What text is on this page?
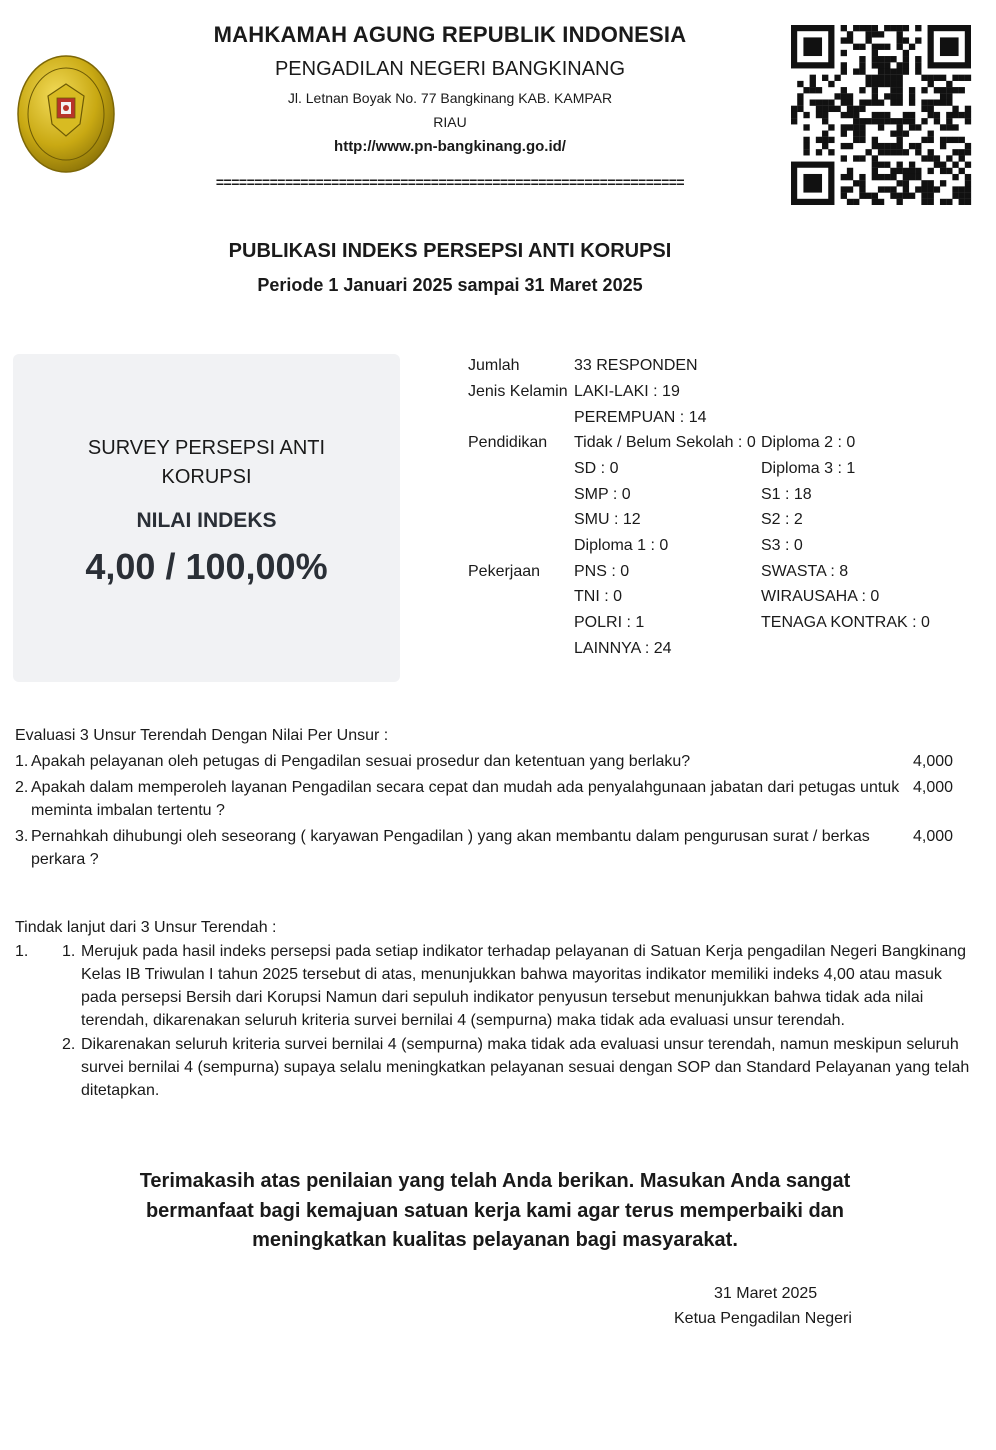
MAHKAMAH AGUNG REPUBLIK INDONESIA
PENGADILAN NEGERI BANGKINANG
Jl. Letnan Boyak No. 77 Bangkinang KAB. KAMPAR
RIAU
http://www.pn-bangkinang.go.id/
=============================================================
PUBLIKASI INDEKS PERSEPSI ANTI KORUPSI
Periode 1 Januari 2025 sampai 31 Maret 2025
SURVEY PERSEPSI ANTI KORUPSI
NILAI INDEKS
4,00 / 100,00%
Jumlah	33 RESPONDEN
Jenis Kelamin LAKI-LAKI : 19
PEREMPUAN : 14
Pendidikan Tidak / Belum Sekolah : 0
SD : 0
SMP : 0
SMU : 12
Diploma 1 : 0
Diploma 2 : 0
Diploma 3 : 1
S1 : 18
S2 : 2
S3 : 0
Pekerjaan PNS : 0
TNI : 0
POLRI : 1
LAINNYA : 24
SWASTA : 8
WIRAUSAHA : 0
TENAGA KONTRAK : 0
Evaluasi 3 Unsur Terendah Dengan Nilai Per Unsur :
1. Apakah pelayanan oleh petugas di Pengadilan sesuai prosedur dan ketentuan yang berlaku?	4,000
2. Apakah dalam memperoleh layanan Pengadilan secara cepat dan mudah ada penyalahgunaan jabatan dari petugas untuk meminta imbalan tertentu ?
4,000
3. Pernahkah dihubungi oleh seseorang ( karyawan Pengadilan ) yang akan membantu dalam pengurusan surat / berkas perkara ?
4,000
Tindak lanjut dari 3 Unsur Terendah :
1. 1. Merujuk pada hasil indeks persepsi pada setiap indikator terhadap pelayanan di Satuan Kerja pengadilan Negeri Bangkinang Kelas IB Triwulan I tahun 2025 tersebut di atas, menunjukkan bahwa mayoritas indikator memiliki indeks 4,00 atau masuk pada persepsi Bersih dari Korupsi Namun dari sepuluh indikator penyusun tersebut menunjukkan bahwa tidak ada nilai terendah, dikarenakan seluruh kriteria survei bernilai 4 (sempurna) maka tidak ada evaluasi unsur terendah.
2. Dikarenakan seluruh kriteria survei bernilai 4 (sempurna) maka tidak ada evaluasi unsur terendah, namun meskipun seluruh survei bernilai 4 (sempurna) supaya selalu meningkatkan pelayanan sesuai dengan SOP dan Standard Pelayanan yang telah ditetapkan.
Terimakasih atas penilaian yang telah Anda berikan. Masukan Anda sangat bermanfaat bagi kemajuan satuan kerja kami agar terus memperbaiki dan meningkatkan kualitas pelayanan bagi masyarakat.
31 Maret 2025
Ketua Pengadilan Negeri
